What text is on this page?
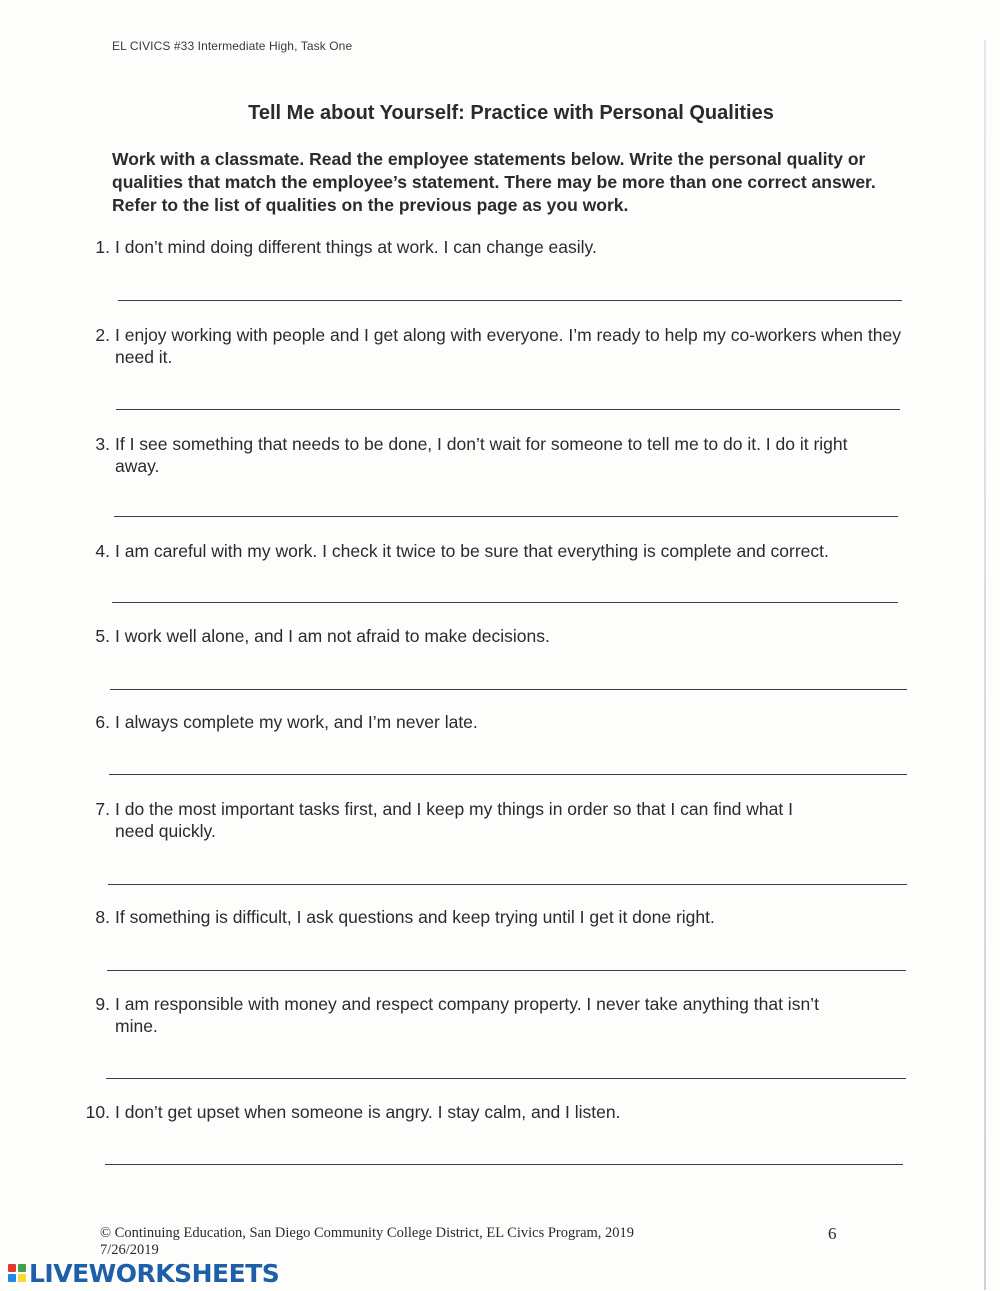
EL CIVICS #33 Intermediate High, Task One
Tell Me about Yourself: Practice with Personal Qualities
Work with a classmate. Read the employee statements below. Write the personal quality or qualities that match the employee’s statement. There may be more than one correct answer. Refer to the list of qualities on the previous page as you work.
1. I don’t mind doing different things at work. I can change easily.
2. I enjoy working with people and I get along with everyone. I’m ready to help my co-workers when they need it.
3. If I see something that needs to be done, I don’t wait for someone to tell me to do it. I do it right away.
4. I am careful with my work. I check it twice to be sure that everything is complete and correct.
5. I work well alone, and I am not afraid to make decisions.
6. I always complete my work, and I’m never late.
7. I do the most important tasks first, and I keep my things in order so that I can find what I need quickly.
8. If something is difficult, I ask questions and keep trying until I get it done right.
9. I am responsible with money and respect company property. I never take anything that isn’t mine.
10. I don’t get upset when someone is angry. I stay calm, and I listen.
© Continuing Education, San Diego Community College District, EL Civics Program, 2019
7/26/2019
6
LIVEWORKSHEETS
